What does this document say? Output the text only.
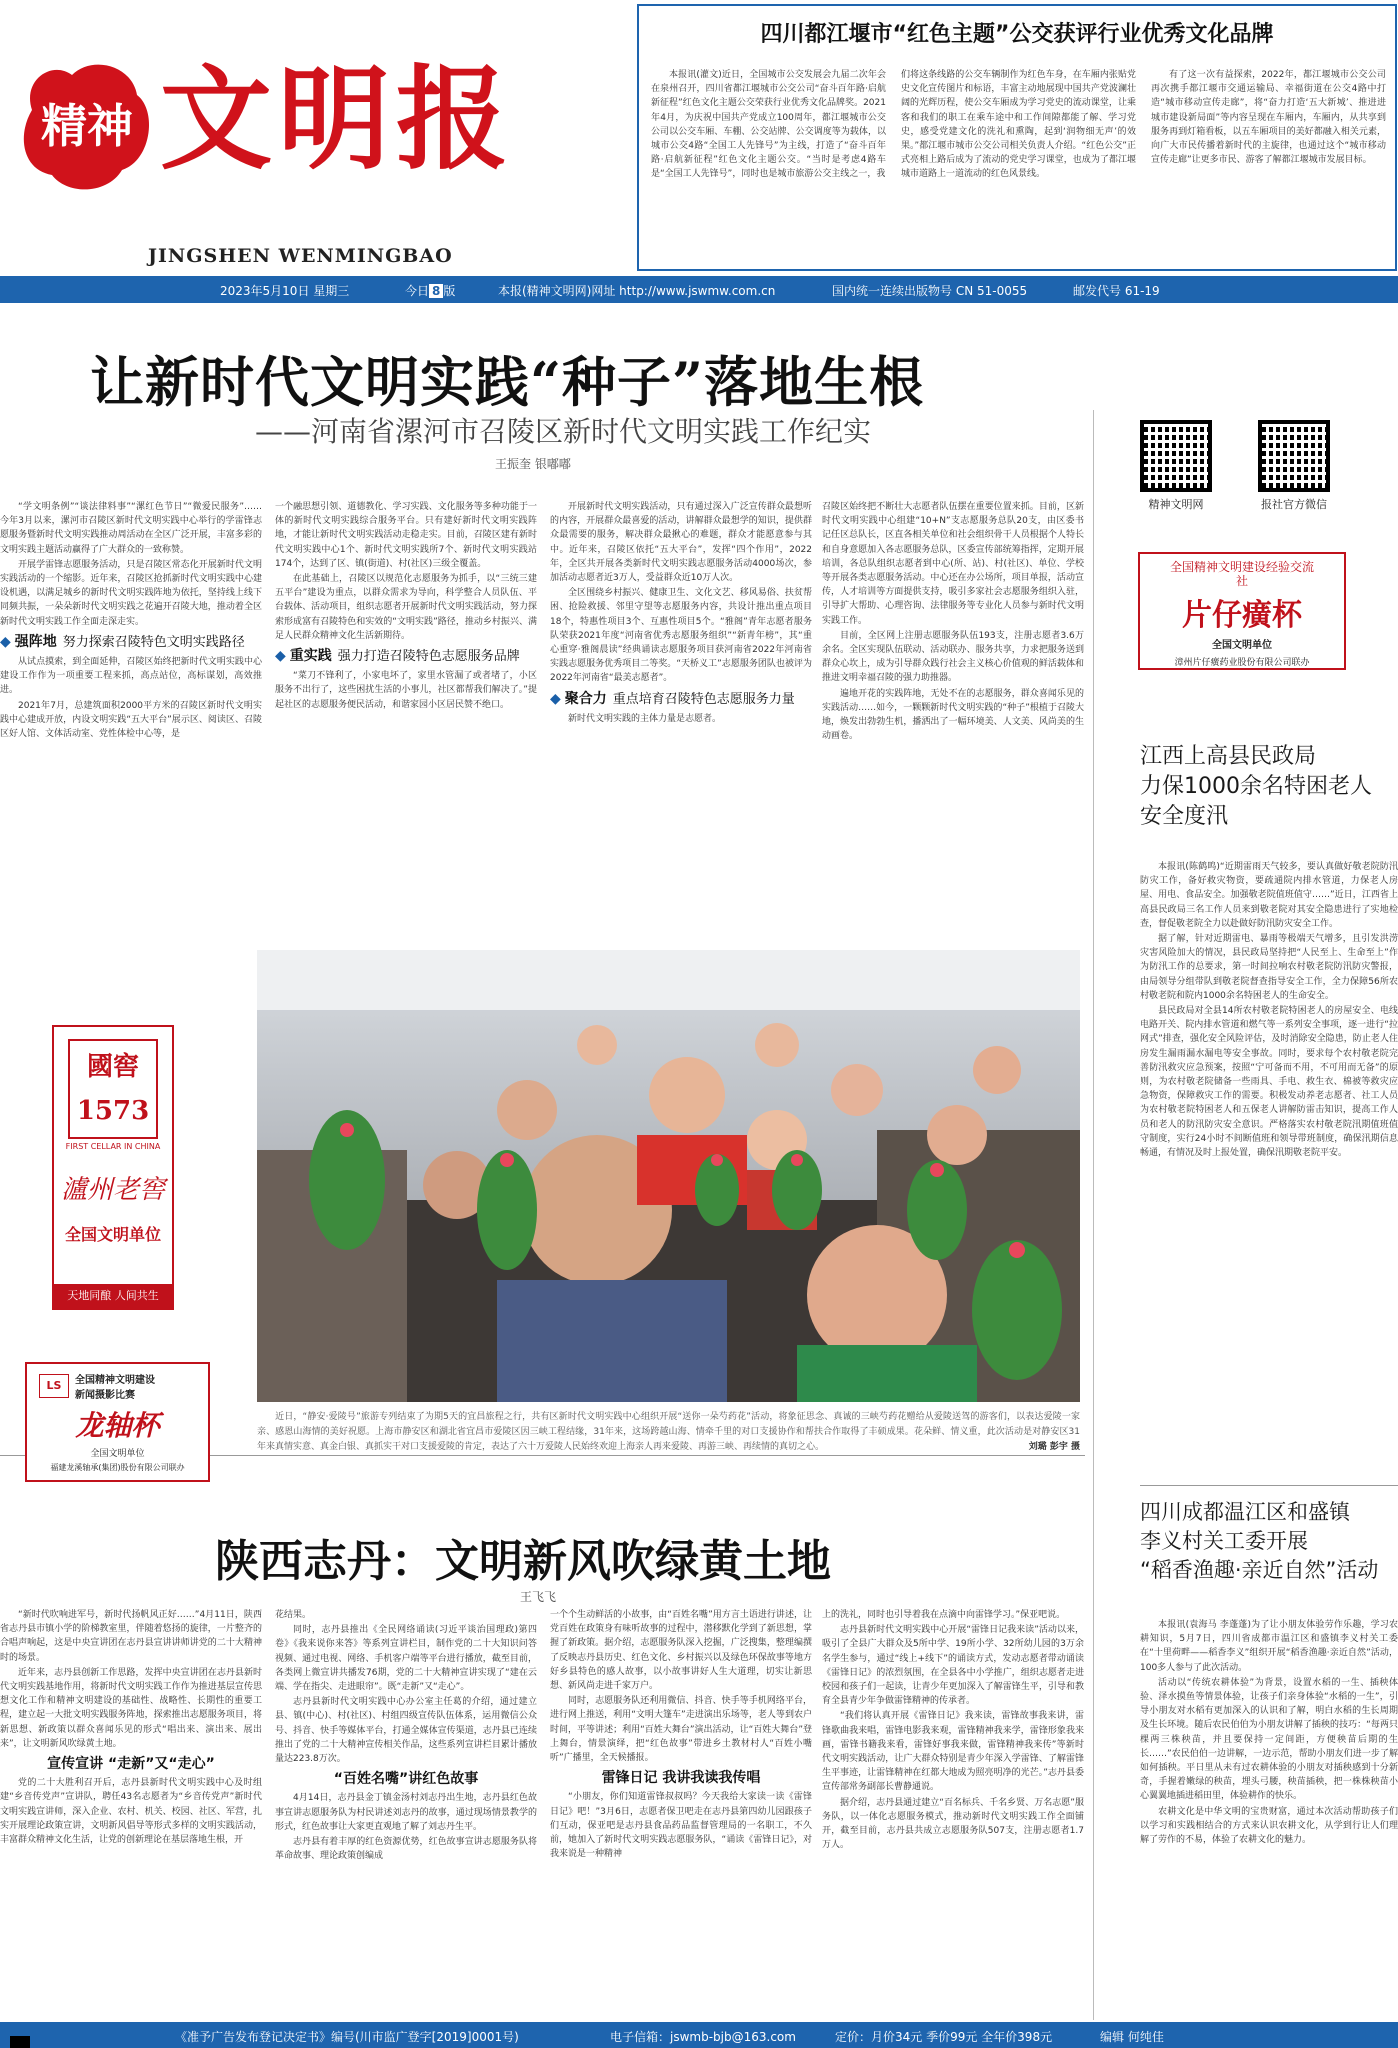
精神 文明报
JINGSHEN WENMINGBAO
2023年5月10日 星期三	今日 8 版	本报(精神文明网)网址 http://www.jswmw.com.cn	国内统一连续出版物号 CN 51-0055	邮发代号 61-19
四川都江堰市“红色主题”公交获评行业优秀文化品牌

本报讯(灌文)近日，全国城市公交发展会九届二次年会在泉州召开，四川省都江堰城市公交公司“奋斗百年路·启航新征程”红色文化主题公交荣获行业优秀文化品牌奖。2021年4月，为庆祝中国共产党成立100周年，都江堰城市公交公司以公交车厢、车棚、公交站牌、公交调度等为载体，以城市公交4路“全国工人先锋号”为主线，打造了“奋斗百年路·启航新征程”红色文化主题公交。“当时是考虑4路车是“全国工人先锋号”，同时也是城市旅游公交主线之一，我

们将这条线路的公交车辆制作为红色车身，在车厢内张贴党史文化宣传图片和标语，丰富主动地展现中国共产党波澜壮阔的光辉历程，使公交车厢成为学习党史的流动课堂，让乘客和我们的职工在乘车途中和工作间隙都能了解、学习党史，感受党建文化的洗礼和熏陶，起到‘润物细无声’的效果。”都江堰市城市公交公司相关负责人介绍。“红色公交”正式亮相上路后成为了流动的党史学习课堂，也成为了都江堰城市道路上一道流动的红色风景线。

有了这一次有益探索，2022年，都江堰城市公交公司再次携手都江堰市交通运输局、幸福街道在公交4路中打造“城市移动宣传走廊”，将“奋力打造‘五大新城’、推进进城市建设新局面”等内容呈现在车厢内，车厢内，从共享到服务再到灯箱看板，以五车厢项目的美好都融入相关元素，向广大市民传播着新时代的主旋律，也通过这个“城市移动宣传走廊”让更多市民、游客了解都江堰城市发展目标。

让新时代文明实践“种子”落地生根
——河南省漯河市召陵区新时代文明实践工作纪实
王振奎 银嘟嘟

“学文明条例”“谈法律料事”“漯红色节日”“微爱民服务”……今年3月以来，漯河市召陵区新时代文明实践中心举行的学雷锋志愿服务暨新时代文明实践推动周活动在全区广泛开展，丰富多彩的文明实践主题活动赢得了广大群众的一致称赞。

开展学雷锋志愿服务活动，只是召陵区常态化开展新时代文明实践活动的一个缩影。近年来，召陵区抢抓新时代文明实践中心建设机遇，以满足城乡的新时代文明实践阵地为依托，坚持线上线下同频共振，一朵朵新时代文明实践之花遍开召陵大地，推动着全区新时代文明实践工作全面走深走实。

◆ 强阵地 努力探索召陵特色文明实践路径

从试点摸索，到全面延伸，召陵区始终把新时代文明实践中心建设工作作为一项重要工程来抓，高点站位，高标谋划，高效推进。

2021年7月，总建筑面积2000平方米的召陵区新时代文明实践中心建成开放，内设文明实践“五大平台”展示区、阅读区、召陵区好人馆、文体活动室、党性体检中心等，是

一个融思想引领、道德教化、学习实践、文化服务等多种功能于一体的新时代文明实践综合服务平台。只有建好新时代文明实践阵地，才能让新时代文明实践活动走稳走实。目前，召陵区建有新时代文明实践中心1个、新时代文明实践所7个、新时代文明实践站174个，达到了区、镇(街道)、村(社区)三级全覆盖。

在此基础上，召陵区以规范化志愿服务为抓手，以“三统三建五平台”建设为重点，以群众需求为导向，科学整合人员队伍、平台载体、活动项目，组织志愿者开展新时代文明实践活动，努力探索形成富有召陵特色和实效的“文明实践”路径，推动乡村振兴、满足人民群众精神文化生活新期待。

◆ 重实践 强力打造召陵特色志愿服务品牌

“菜刀不锋利了，小家电坏了，家里水管漏了或者堵了，小区服务不出行了，这些困扰生活的小事儿，社区都帮我们解决了。”提起社区的志愿服务便民活动，和谐家园小区居民赞不绝口。

开展新时代文明实践活动，只有通过深入广泛宣传群众最想听的内容，开展群众最喜爱的活动，讲解群众最想学的知识，提供群众最需要的服务，解决群众最揪心的难题，群众才能愿意参与其中。近年来，召陵区依托“五大平台”，发挥“四个作用”，2022年，全区共开展各类新时代文明实践志愿服务活动4000场次，参加活动志愿者近3万人，受益群众近10万人次。

全区围绕乡村振兴、健康卫生、文化文艺、移风易俗、扶贫帮困、抢险救援、邻里守望等志愿服务内容，共设计推出重点项目18个，特惠性项目3个、互惠性项目5个。“雅阁”青年志愿者服务队荣获2021年度“河南省优秀志愿服务组织”“新青年榜”，其“重心重穿·雅阁晨读”经典诵读志愿服务项目获河南省2022年河南省实践志愿服务优秀项目二等奖。“天桥义工”志愿服务团队也被评为2022年河南省“最美志愿者”。

◆ 聚合力 重点培育召陵特色志愿服务力量

新时代文明实践的主体力量是志愿者。

召陵区始终把不断壮大志愿者队伍摆在重要位置来抓。目前，区新时代文明实践中心组建“10+N”支志愿服务总队20支，由区委书记任区总队长，区直各相关单位和社会组织骨干人员根据个人特长和自身意愿加入各志愿服务总队，区委宣传部统筹指挥，定期开展培训，各总队组织志愿者到中心(所、站)、村(社区)、单位、学校等开展各类志愿服务活动。中心还在办公场所，项目单报，活动宣传，人才培训等方面提供支持，吸引多家社会志愿服务组织入驻，引导扩大帮助、心理咨询、法律服务等专业化人员参与新时代文明实践工作。

目前，全区网上注册志愿服务队伍193支，注册志愿者3.6万余名。全区实现队伍联动、活动联办、服务共享，力求把服务送到群众心坎上，成为引导群众践行社会主义核心价值观的鲜活载体和推进文明幸福召陵的强力助推器。

遍地开花的实践阵地，无处不在的志愿服务，群众喜闻乐见的实践活动……如今，一颗颗新时代文明实践的“种子”根植于召陵大地，焕发出勃勃生机，播洒出了一幅环境美、人文美、风尚美的生动画卷。

近日，“静安·爱陵号”旅游专列结束了为期5天的宜昌旅程之行，共有区新时代文明实践中心组织开展“送你一朵芍药花”活动，将象征思念、真诚的三峡芍药花赠给从爱陵送驾的游客们，以表达爱陵一家亲、感恩山海情的美好祝愿。上海市静安区和湖北省宜昌市爱陵区因三峡工程结缘，31年来，这场跨越山海、情牵千里的对口支援协作和帮扶合作取得了丰硕成果。花朵鲜、情义重，此次活动是对静安区31年来真情实意、真金白银、真抓实干对口支援爱陵的肯定，表达了六十万爱陵人民始终欢迎上海亲人再来爱陵、再游三峡、再续情的真切之心。	刘璐 彭宇 摄
陕西志丹：文明新风吹绿黄土地
王飞飞

“新时代吹响进军号，新时代扬帆风正好……”4月11日，陕西省志丹县市镇小学的阶梯教室里，伴随着悠扬的旋律，一片整齐的合唱声响起，这是中央宣讲团在志丹县宣讲讲师讲党的二十大精神时的场景。

近年来，志丹县创新工作思路，发挥中央宣讲团在志丹县新时代文明实践基地作用，将新时代文明实践工作作为推进基层宣传思想文化工作和精神文明建设的基础性、战略性、长期性的重要工程，建立起一大批文明实践服务阵地，探索推出志愿服务项目，将新思想、新政策以群众喜闻乐见的形式“唱出来、演出来、展出来”，让文明新风吹绿黄土地。

宣传宣讲 “走新”又“走心”

党的二十大胜利召开后，志丹县新时代文明实践中心及时组建“乡音传党声”宣讲队，聘任43名志愿者为“乡音传党声”新时代文明实践宣讲师，深入企业、农村、机关、校园、社区、军营，扎实开展理论政策宣讲，文明新风倡导等形式多样的文明实践活动，丰富群众精神文化生活，让党的创新理论在基层落地生根，开

花结果。

同时，志丹县推出《全民网络诵读(习近平谈治国理政)第四卷》《我来说你来答》等系列宣讲栏目，制作党的二十大知识问答视频、通过电视、网络、手机客户端等平台进行播放，截至目前，各类网上微宣讲共播发76期，党的二十大精神宣讲实现了“建在云端、学在指尖、走进眼帘”。既“走新”又“走心”。

志丹县新时代文明实践中心办公室主任葛的介绍，通过建立县、镇(中心)、村(社区)、村组四级宣传队伍体系，运用微信公众号、抖音、快手等媒体平台，打通全媒体宣传渠道，志丹县已连续推出了党的二十大精神宣传相关作品，这些系列宣讲栏目累计播放量达223.8万次。

“百姓名嘴”讲红色故事

4月14日，志丹县金丁镇金汤村刘志丹出生地，志丹县红色故事宣讲志愿服务队为村民讲述刘志丹的故事，通过现场情景教学的形式，红色故事让大家更直观地了解了刘志丹生平。

志丹县有着丰厚的红色资源优势，红色故事宣讲志愿服务队将革命故事、理论政策创编成

一个个生动鲜活的小故事，由“百姓名嘴”用方言土语进行讲述，让党百姓在政策身有味听故事的过程中，潜移默化学到了新思想，掌握了新政策。据介绍，志愿服务队深入挖掘，广泛搜集，整理编撰了反映志丹县历史、红色文化、乡村振兴以及绿色环保故事等地方好乡县特色的感人故事，以小故事讲好人生大道理，切实让新思想、新风尚走进千家万户。

同时，志愿服务队还利用微信、抖音、快手等手机网络平台，进行网上推送，利用“文明大篷车”走进演出乐场等，老人等到农户时间，平等讲述；利用“百姓大舞台”演出活动，让“百姓大舞台”登上舞台，情景演绎，把“红色故事”带进乡土教材村人“百姓小嘴听”广播里，全天候播报。

雷锋日记 我讲我读我传唱

“小朋友，你们知道雷锋叔叔吗？今天我给大家读一读《雷锋日记》吧！”3月6日，志愿者保卫吧走在志丹县第四幼儿园跟孩子们互动，保亚吧是志丹县食品药品监督管理局的一名职工，不久前，她加入了新时代文明实践志愿服务队，“诵读《雷锋日记》，对我来说是一种精神

上的洗礼，同时也引导着我在点滴中向雷锋学习。”保亚吧说。

志丹县新时代文明实践中心开展“雷锋日记我来读”活动以来，吸引了全县广大群众及5所中学、19所小学、32所幼儿园的3万余名学生参与，通过“线上+线下”的诵读方式，发动志愿者带动诵读《雷锋日记》的浓烈氛围，在全县各中小学推广，组织志愿者走进校园和孩子们一起读，让青少年更加深入了解雷锋生平，引导和教育全县青少年争做雷锋精神的传承者。

“我们将认真开展《雷锋日记》我来读，雷锋故事我来讲，雷锋歌曲我来唱，雷锋电影我来观，雷锋精神我来学，雷锋形象我来画，雷锋书籍我来看，雷锋好事我来做，雷锋精神我来传”等新时代文明实践活动，让广大群众特别是青少年深入学雷锋、了解雷锋生平事迹，让雷锋精神在红都大地成为照亮明净的光芒。”志丹县委宣传部常务副部长曹静通说。

据介绍，志丹县通过建立“百名标兵、千名乡贤、万名志愿”服务队，以一体化志愿服务模式，推动新时代文明实践工作全面铺开，截至目前，志丹县共成立志愿服务队507支，注册志愿者1.7万人。

國窖1573
FIRST CELLAR IN CHINA
瀘州老窖
全国文明单位
天地同酿 人间共生
LS	全国精神文明建设
新闻摄影比赛
龙轴杯
全国文明单位
福建龙溪轴承(集团)股份有限公司联办
精神文明网	报社官方微信
全国精神文明建设经验交流社
片仔癀杯
全国文明单位
漳州片仔癀药业股份有限公司联办
江西上高县民政局
力保1000余名特困老人
安全度汛

本报讯(陈鹤鸣)“近期雷雨天气较多，要认真做好敬老院防汛防灾工作，备好救灾物资，要疏通院内排水管道，力保老人房屋、用电、食品安全。加强敬老院值班值守……”近日，江西省上高县民政局三名工作人员来到敬老院对其安全隐患进行了实地检查，督促敬老院全力以赴做好防汛防灾安全工作。

据了解，针对近期雷电、暴雨等极端天气增多，且引发洪涝灾害风险加大的情况，县民政局坚持把“人民至上、生命至上”作为防汛工作的总要求，第一时间拉响农村敬老院防汛防灾警报，由局领导分组带队到敬老院督查指导安全工作，全力保障56所农村敬老院和院内1000余名特困老人的生命安全。

县民政局对全县14所农村敬老院特困老人的房屋安全、电线电路开关、院内排水管道和燃气等一系列安全事项，逐一进行“拉网式”排查，强化安全风险评估，及时消除安全隐患，防止老人住房发生漏雨漏水漏电等安全事故。同时，要求每个农村敬老院完善防汛救灾应急预案，按照“宁可备而不用，不可用而无备”的原则，为农村敬老院储备一些雨具、手电、救生衣、棉被等救灾应急物资，保障救灾工作的需要。积极发动养老志愿者、社工人员为农村敬老院特困老人和五保老人讲解防雷击知识，提高工作人员和老人的防汛防灾安全意识。严格落实农村敬老院汛期值班值守制度，实行24小时不间断值班和领导带班制度，确保汛期信息畅通，有情况及时上报处置，确保汛期敬老院平安。

四川成都温江区和盛镇
李义村关工委开展
“稻香渔趣·亲近自然”活动

本报讯(袁海马 李蓬蓬)为了让小朋友体验劳作乐趣，学习农耕知识，5月7日，四川省成都市温江区和盛镇李义村关工委在“十里荷畔——稻香李义”组织开展“稻香渔趣·亲近自然”活动，100多人参与了此次活动。

活动以“传统农耕体验”为背景，设置水稻的一生、插秧体验、泽水摸鱼等情景体验，让孩子们亲身体验“水稻的一生”，引导小朋友对水稻有更加深入的认识和了解，明白水稻的生长周期及生长环境。随后农民伯伯为小朋友讲解了插秧的技巧：“每两只棵两三株秧苗，并且要保持一定间距，方便秧苗后期的生长……”农民伯伯一边讲解，一边示范，帮助小朋友们进一步了解如何插秧。平日里从未有过农耕体验的小朋友对插秧感到十分新奇，手握着嫩绿的秧苗，埋头弓腰，秧苗插秧，把一株株秧苗小心翼翼地插进稻田里，体验耕作的快乐。

农耕文化是中华文明的宝贵财富，通过本次活动帮助孩子们以学习和实践相结合的方式来认识农耕文化，从学到行让人们理解了劳作的不易，体验了农耕文化的魅力。

《准予广告发布登记决定书》编号(川市监广登字[2019]0001号)	电子信箱：jswmb-bjb@163.com	定价：月价34元 季价99元 全年价398元	编辑 何纯佳
